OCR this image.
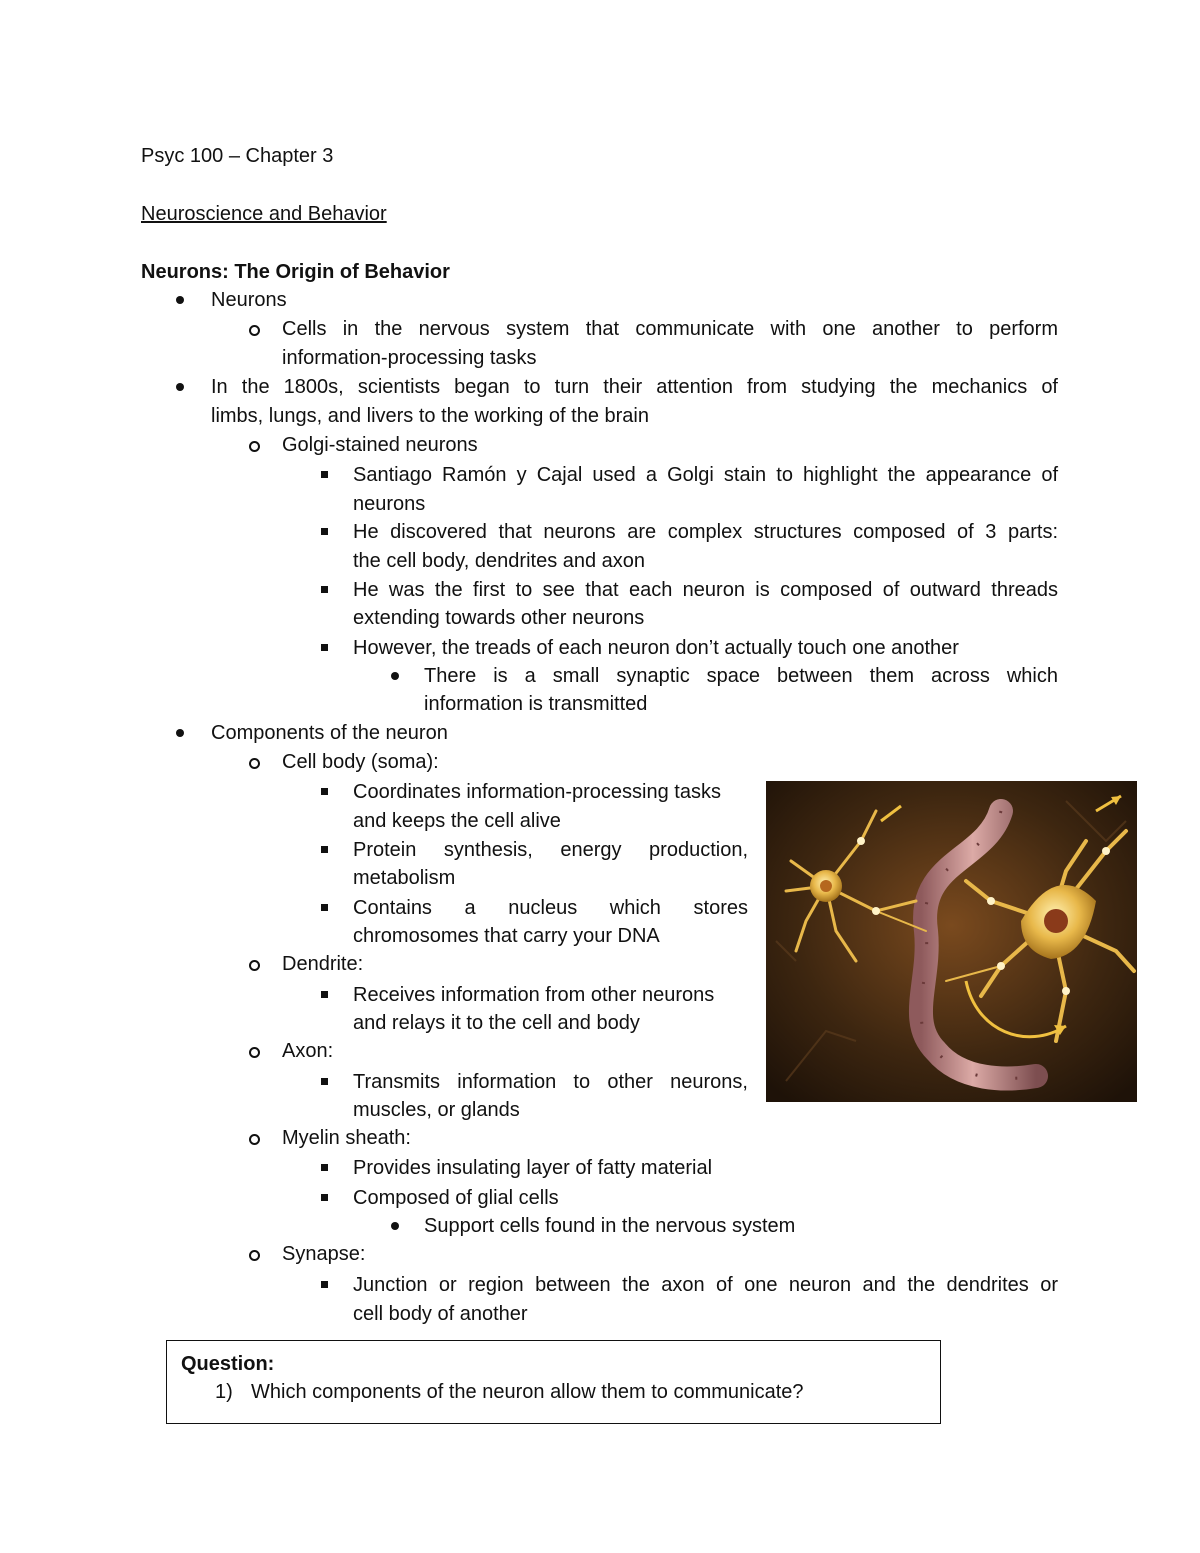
Psyc 100 – Chapter 3
Neuroscience and Behavior
Neurons: The Origin of Behavior
Neurons
Cells in the nervous system that communicate with one another to perform
information-processing tasks
In the 1800s, scientists began to turn their attention from studying the mechanics of
limbs, lungs, and livers to the working of the brain
Golgi-stained neurons
Santiago Ramón y Cajal used a Golgi stain to highlight the appearance of
neurons
He discovered that neurons are complex structures composed of 3 parts:
the cell body, dendrites and axon
He was the first to see that each neuron is composed of outward threads
extending towards other neurons
However, the treads of each neuron don’t actually touch one another
There is a small synaptic space between them across which
information is transmitted
Components of the neuron
Cell body (soma):
Coordinates information-processing tasks
and keeps the cell alive
Protein synthesis, energy production,
metabolism
Contains a nucleus which stores
chromosomes that carry your DNA
Dendrite:
Receives information from other neurons
and relays it to the cell and body
Axon:
Transmits information to other neurons,
muscles, or glands
Myelin sheath:
Provides insulating layer of fatty material
Composed of glial cells
Support cells found in the nervous system
Synapse:
Junction or region between the axon of one neuron and the dendrites or
cell body of another
Question:
1) Which components of the neuron allow them to communicate?
